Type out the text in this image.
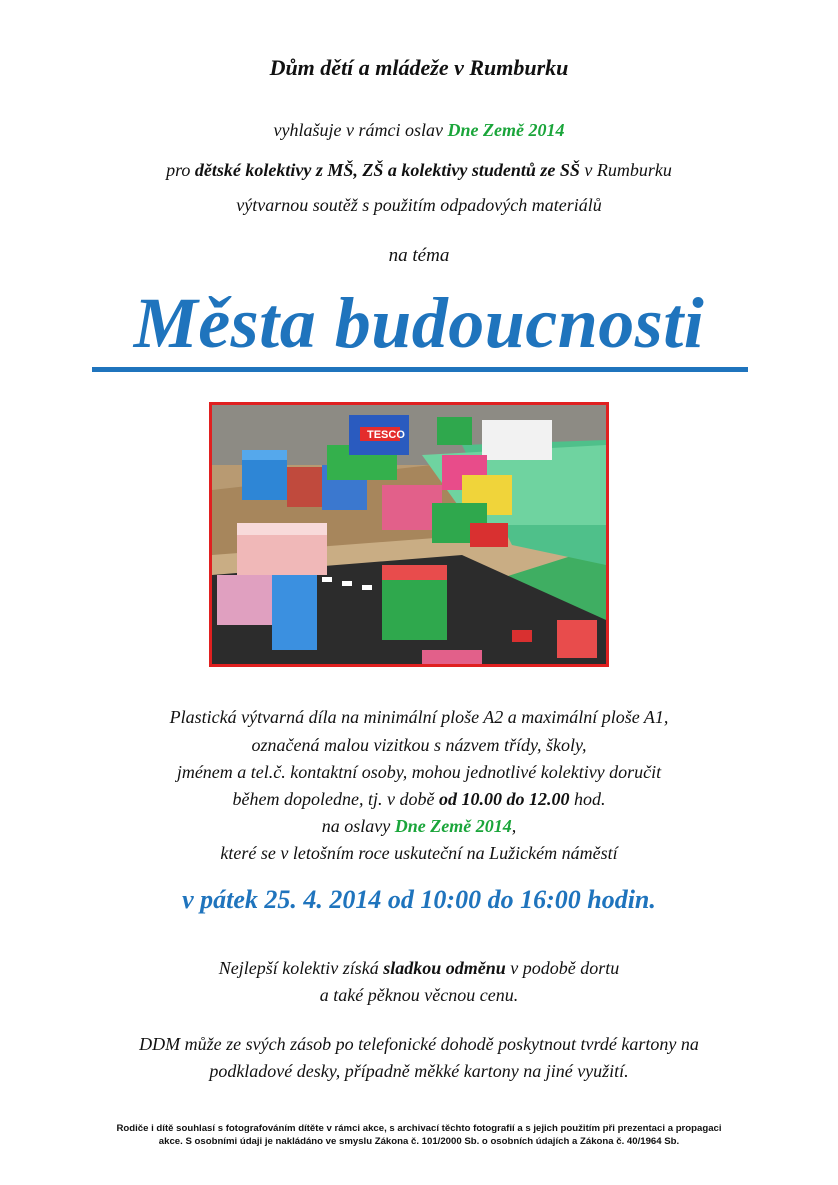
Dům dětí a mládeže v Rumburku
vyhlašuje v rámci oslav Dne Země 2014
pro dětské kolektivy z MŠ, ZŠ a kolektivy studentů ze SŠ v Rumburku
výtvarnou soutěž s použitím odpadových materiálů
na téma
Města budoucnosti
TESCO
Plastická výtvarná díla na minimální ploše A2 a maximální ploše A1,
označená malou vizitkou s názvem třídy, školy,
jménem a tel.č. kontaktní osoby, mohou jednotlivé kolektivy doručit
během dopoledne, tj. v době od 10.00 do 12.00 hod.
na oslavy Dne Země 2014,
které se v letošním roce uskuteční na Lužickém náměstí
v pátek 25. 4. 2014 od 10:00 do 16:00 hodin.
Nejlepší kolektiv získá sladkou odměnu v podobě dortu
a také pěknou věcnou cenu.
DDM může ze svých zásob po telefonické dohodě poskytnout tvrdé kartony na
podkladové desky, případně měkké kartony na jiné využití.
Rodiče i dítě souhlasí s fotografováním dítěte v rámci akce, s archivací těchto fotografií a s jejich použitím při prezentaci a propagaci
akce. S osobními údaji je nakládáno ve smyslu Zákona č. 101/2000 Sb. o osobních údajích a Zákona č. 40/1964 Sb.
